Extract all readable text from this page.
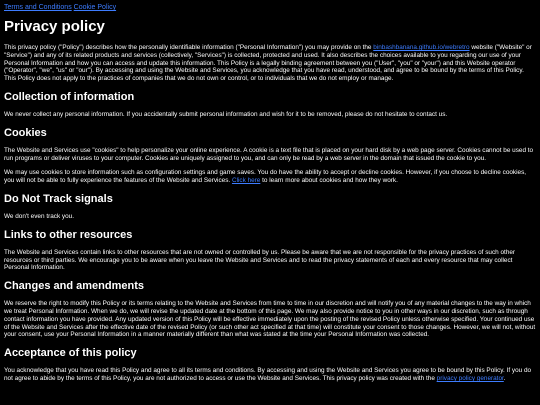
Terms and Conditions Cookie Policy
Privacy policy

This privacy policy ("Policy") describes how the personally identifiable information ("Personal Information") you may provide on the binbashbanana.github.io/webretro website ("Website" or "Service") and any of its related products and services (collectively, "Services") is collected, protected and used. It also describes the choices available to you regarding our use of your Personal Information and how you can access and update this information. This Policy is a legally binding agreement between you ("User", "you" or "your") and this Website operator ("Operator", "we", "us" or "our"). By accessing and using the Website and Services, you acknowledge that you have read, understood, and agree to be bound by the terms of this Policy. This Policy does not apply to the practices of companies that we do not own or control, or to individuals that we do not employ or manage.

Collection of information

We never collect any personal information. If you accidentally submit personal information and wish for it to be removed, please do not hesitate to contact us.

Cookies

The Website and Services use "cookies" to help personalize your online experience. A cookie is a text file that is placed on your hard disk by a web page server. Cookies cannot be used to run programs or deliver viruses to your computer. Cookies are uniquely assigned to you, and can only be read by a web server in the domain that issued the cookie to you.

We may use cookies to store information such as configuration settings and game saves. You do have the ability to accept or decline cookies. However, if you choose to decline cookies, you will not be able to fully experience the features of the Website and Services. Click here to learn more about cookies and how they work.

Do Not Track signals

We don't even track you.

Links to other resources

The Website and Services contain links to other resources that are not owned or controlled by us. Please be aware that we are not responsible for the privacy practices of such other resources or third parties. We encourage you to be aware when you leave the Website and Services and to read the privacy statements of each and every resource that may collect Personal Information.

Changes and amendments

We reserve the right to modify this Policy or its terms relating to the Website and Services from time to time in our discretion and will notify you of any material changes to the way in which we treat Personal Information. When we do, we will revise the updated date at the bottom of this page. We may also provide notice to you in other ways in our discretion, such as through contact information you have provided. Any updated version of this Policy will be effective immediately upon the posting of the revised Policy unless otherwise specified. Your continued use of the Website and Services after the effective date of the revised Policy (or such other act specified at that time) will constitute your consent to those changes. However, we will not, without your consent, use your Personal Information in a manner materially different than what was stated at the time your Personal Information was collected.

Acceptance of this policy

You acknowledge that you have read this Policy and agree to all its terms and conditions. By accessing and using the Website and Services you agree to be bound by this Policy. If you do not agree to abide by the terms of this Policy, you are not authorized to access or use the Website and Services. This privacy policy was created with the privacy policy generator.
